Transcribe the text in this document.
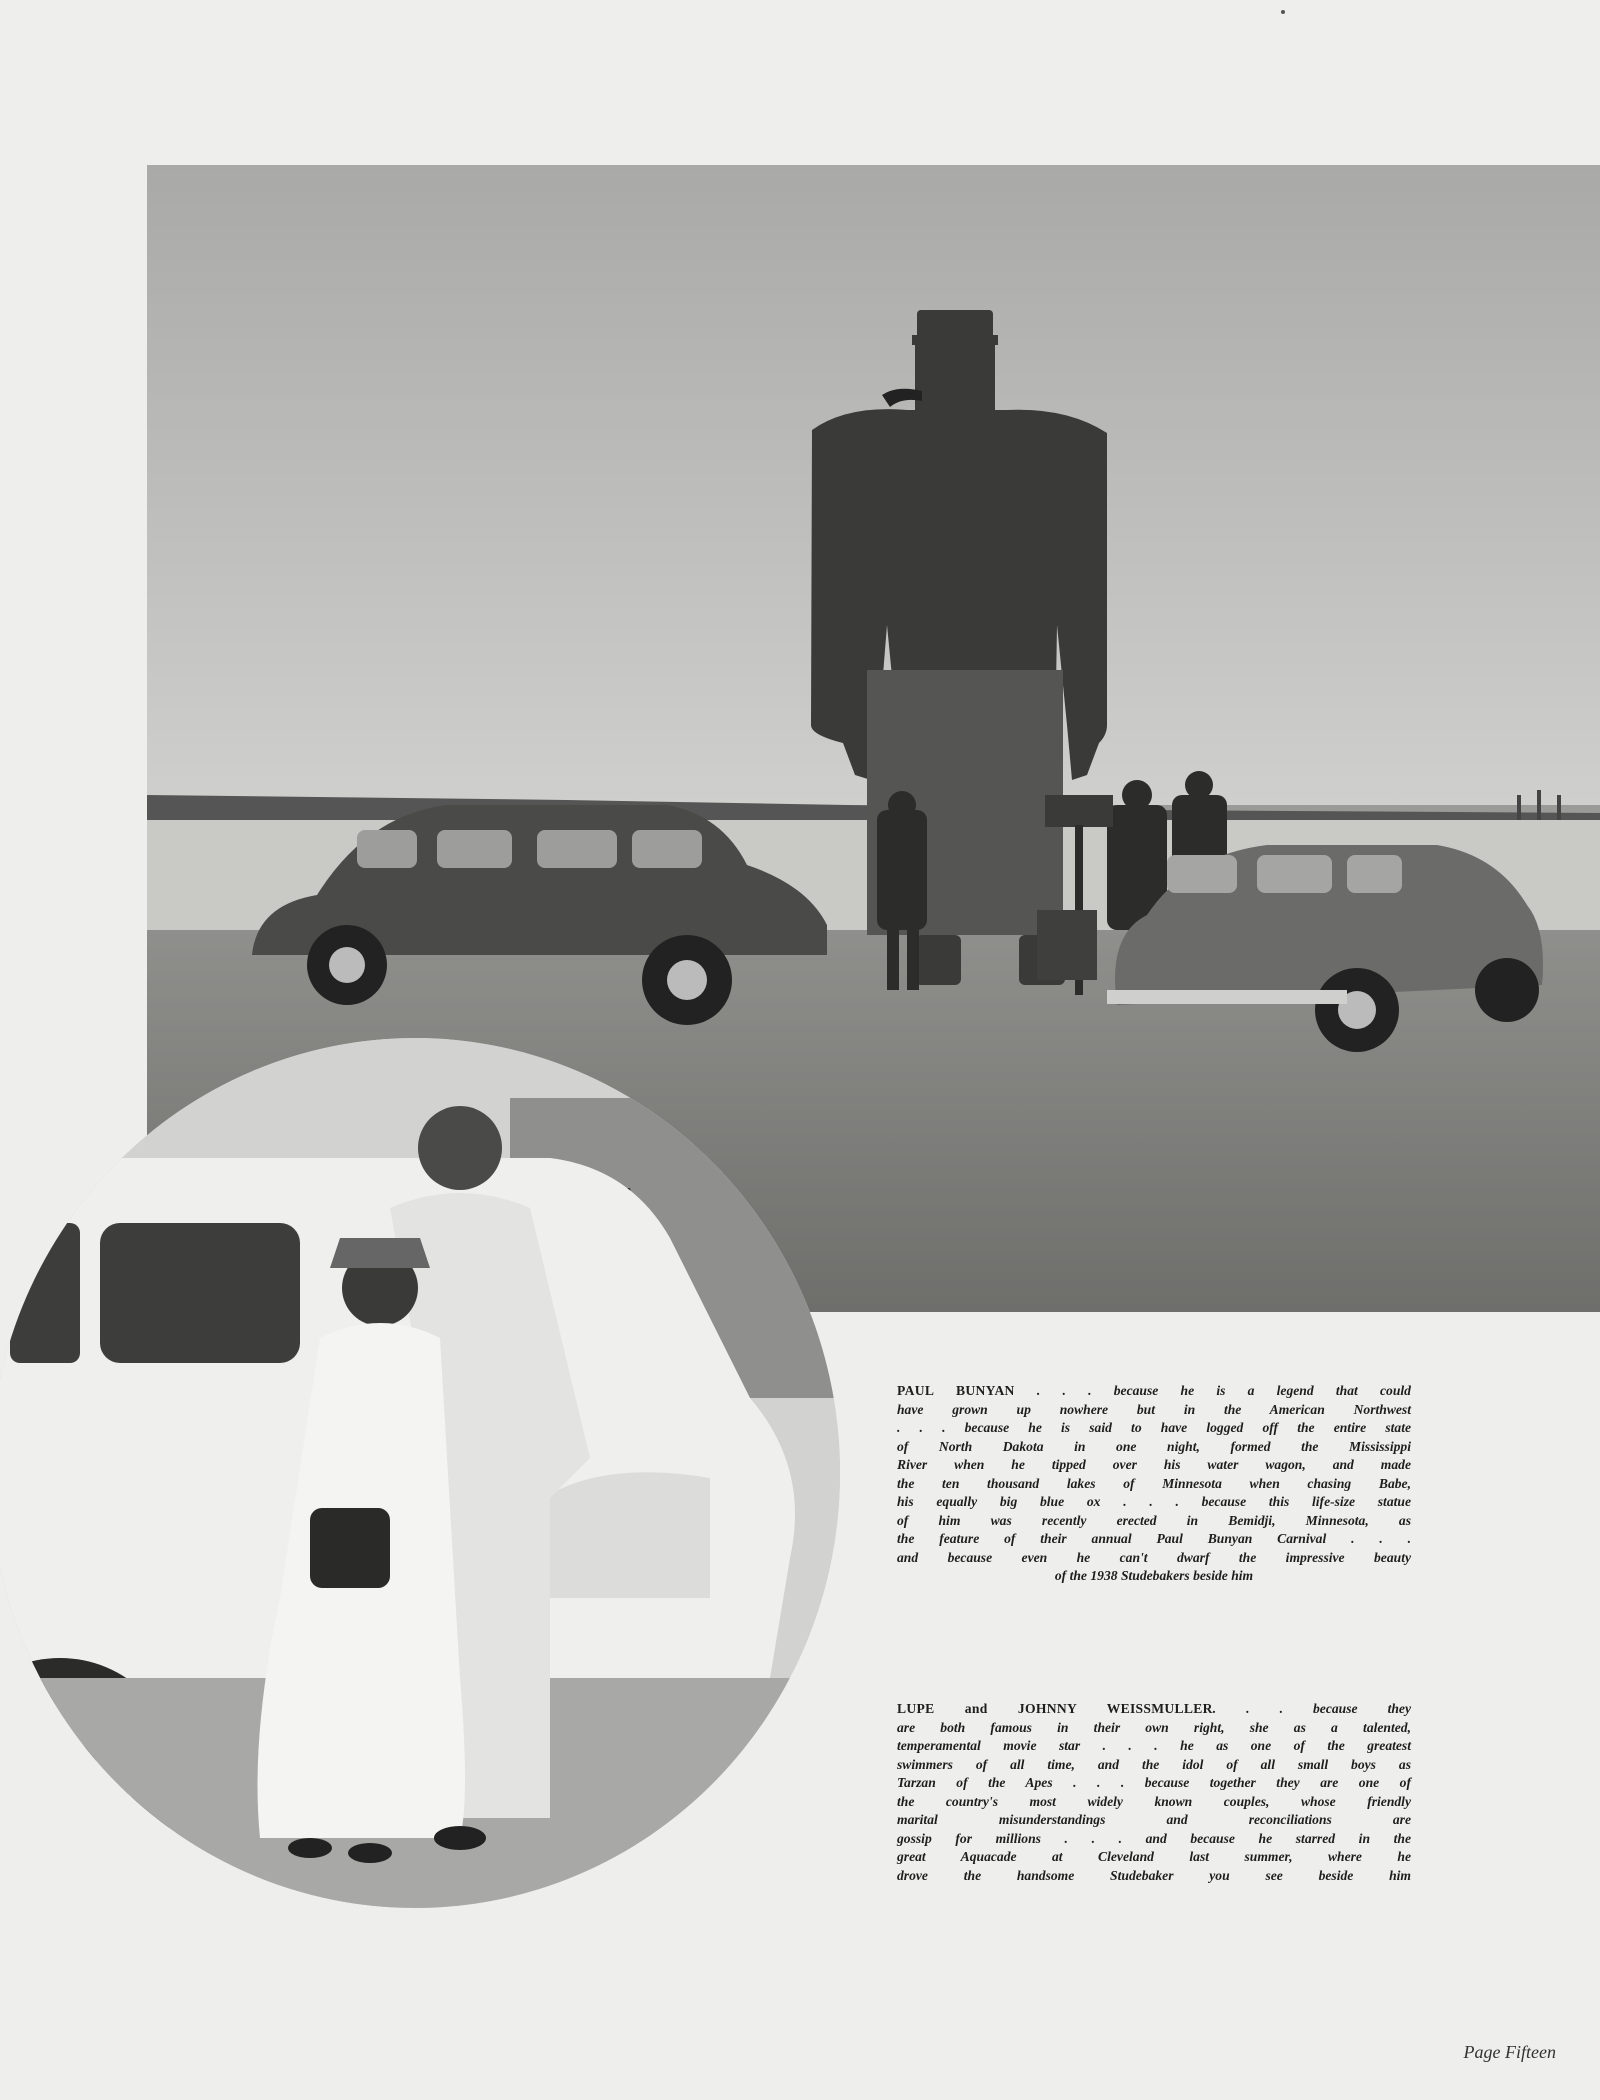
PAUL BUNYAN . . . because he is a legend that could

have grown up nowhere but in the American Northwest

. . . because he is said to have logged off the entire state

of North Dakota in one night, formed the Mississippi

River when he tipped over his water wagon, and made

the ten thousand lakes of Minnesota when chasing Babe,

his equally big blue ox . . . because this life-size statue

of him was recently erected in Bemidji, Minnesota, as

the feature of their annual Paul Bunyan Carnival . . .

and because even he can't dwarf the impressive beauty

of the 1938 Studebakers beside him

LUPE and JOHNNY WEISSMULLER. . . because they

are both famous in their own right, she as a talented,

temperamental movie star . . . he as one of the greatest

swimmers of all time, and the idol of all small boys as

Tarzan of the Apes . . . because together they are one of

the country's most widely known couples, whose friendly

marital misunderstandings and reconciliations are

gossip for millions . . . and because he starred in the

great Aquacade at Cleveland last summer, where he

drove the handsome Studebaker you see beside him

Page Fifteen
